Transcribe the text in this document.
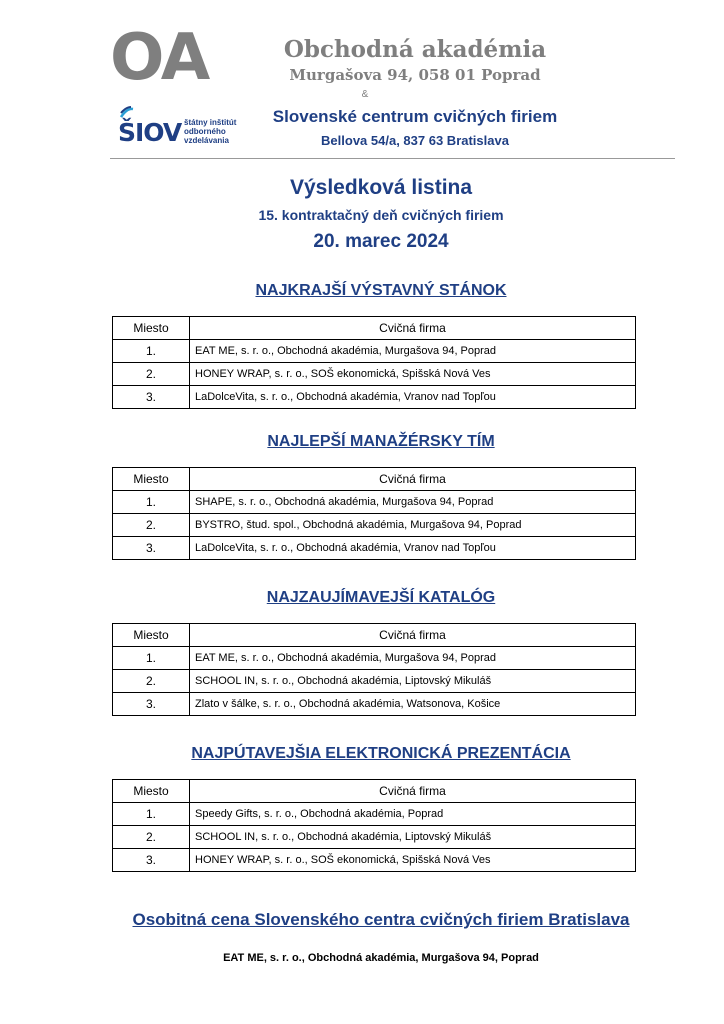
OA	Obchodná akadémia
Murgašova 94, 058 01 Poprad
&
ŠIOV štátny inštitút
odborného
vzdelávania
Slovenské centrum cvičných firiem
Bellova 54/a, 837 63 Bratislava
Výsledková listina
15. kontraktačný deň cvičných firiem
20. marec 2024
NAJKRAJŠÍ VÝSTAVNÝ STÁNOK
Miesto	Cvičná firma
1.	EAT ME, s. r. o., Obchodná akadémia, Murgašova 94, Poprad
2.	HONEY WRAP, s. r. o., SOŠ ekonomická, Spišská Nová Ves
3.	LaDolceVita, s. r. o., Obchodná akadémia, Vranov nad Topľou
NAJLEPŠÍ MANAŽÉRSKY TÍM
Miesto	Cvičná firma
1.	SHAPE, s. r. o., Obchodná akadémia, Murgašova 94, Poprad
2.	BYSTRO, štud. spol., Obchodná akadémia, Murgašova 94, Poprad
3.	LaDolceVita, s. r. o., Obchodná akadémia, Vranov nad Topľou
NAJZAUJÍMAVEJŠÍ KATALÓG
Miesto	Cvičná firma
1.	EAT ME, s. r. o., Obchodná akadémia, Murgašova 94, Poprad
2.	SCHOOL IN, s. r. o., Obchodná akadémia, Liptovský Mikuláš
3.	Zlato v šálke, s. r. o., Obchodná akadémia, Watsonova, Košice
NAJPÚTAVEJŠIA ELEKTRONICKÁ PREZENTÁCIA
Miesto	Cvičná firma
1.	Speedy Gifts, s. r. o., Obchodná akadémia, Poprad
2.	SCHOOL IN, s. r. o., Obchodná akadémia, Liptovský Mikuláš
3.	HONEY WRAP, s. r. o., SOŠ ekonomická, Spišská Nová Ves
Osobitná cena Slovenského centra cvičných firiem Bratislava
EAT ME, s. r. o., Obchodná akadémia, Murgašova 94, Poprad
